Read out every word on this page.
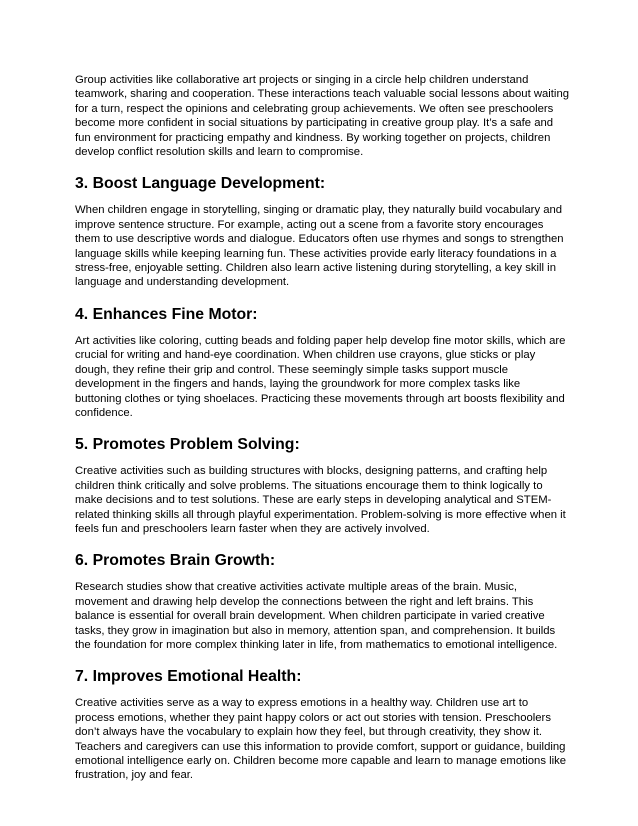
Group activities like collaborative art projects or singing in a circle help children understand teamwork, sharing and cooperation. These interactions teach valuable social lessons about waiting for a turn, respect the opinions and celebrating group achievements. We often see preschoolers become more confident in social situations by participating in creative group play. It’s a safe and fun environment for practicing empathy and kindness. By working together on projects, children develop conflict resolution skills and learn to compromise.

3. Boost Language Development:

When children engage in storytelling, singing or dramatic play, they naturally build vocabulary and improve sentence structure. For example, acting out a scene from a favorite story encourages them to use descriptive words and dialogue. Educators often use rhymes and songs to strengthen language skills while keeping learning fun. These activities provide early literacy foundations in a stress-free, enjoyable setting. Children also learn active listening during storytelling, a key skill in language and understanding development.

4. Enhances Fine Motor:

Art activities like coloring, cutting beads and folding paper help develop fine motor skills, which are crucial for writing and hand-eye coordination. When children use crayons, glue sticks or play dough, they refine their grip and control. These seemingly simple tasks support muscle development in the fingers and hands, laying the groundwork for more complex tasks like buttoning clothes or tying shoelaces. Practicing these movements through art boosts flexibility and confidence.

5. Promotes Problem Solving:

Creative activities such as building structures with blocks, designing patterns, and crafting help children think critically and solve problems. The situations encourage them to think logically to make decisions and to test solutions. These are early steps in developing analytical and STEM-related thinking skills all through playful experimentation. Problem-solving is more effective when it feels fun and preschoolers learn faster when they are actively involved.

6. Promotes Brain Growth:

Research studies show that creative activities activate multiple areas of the brain. Music, movement and drawing help develop the connections between the right and left brains. This balance is essential for overall brain development. When children participate in varied creative tasks, they grow in imagination but also in memory, attention span, and comprehension. It builds the foundation for more complex thinking later in life, from mathematics to emotional intelligence.

7. Improves Emotional Health:

Creative activities serve as a way to express emotions in a healthy way. Children use art to process emotions, whether they paint happy colors or act out stories with tension. Preschoolers don’t always have the vocabulary to explain how they feel, but through creativity, they show it. Teachers and caregivers can use this information to provide comfort, support or guidance, building emotional intelligence early on. Children become more capable and learn to manage emotions like frustration, joy and fear.
